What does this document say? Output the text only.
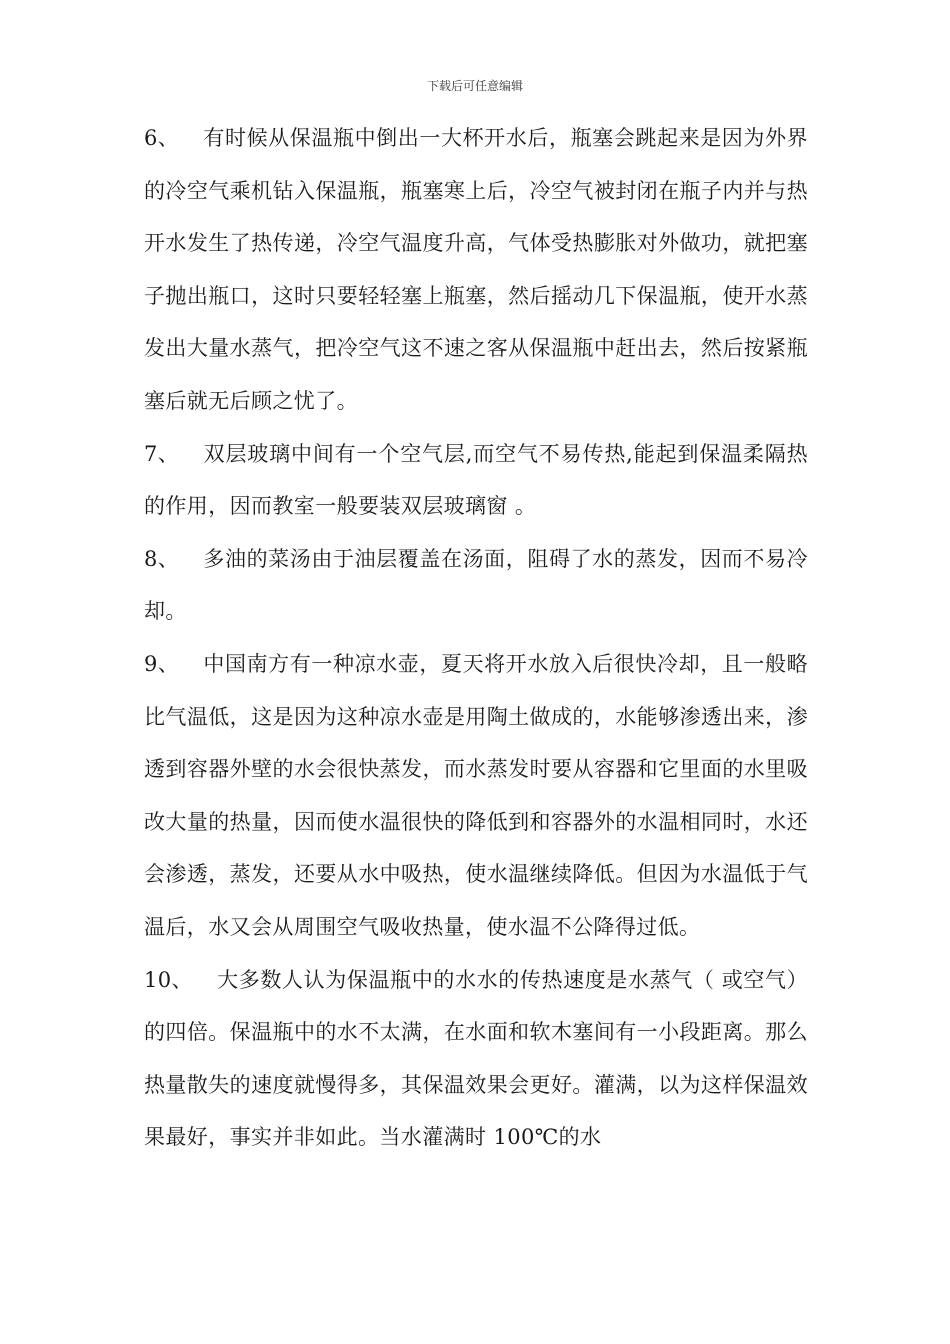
下载后可任意编辑

6、 有时候从保温瓶中倒出一大杯开水后，瓶塞会跳起来是因为外界的冷空气乘机钻入保温瓶，瓶塞寒上后，冷空气被封闭在瓶子内并与热开水发生了热传递，冷空气温度升高，气体受热膨胀对外做功，就把塞子抛出瓶口，这时只要轻轻塞上瓶塞，然后摇动几下保温瓶，使开水蒸发出大量水蒸气，把冷空气这不速之客从保温瓶中赶出去，然后按紧瓶塞后就无后顾之忧了。

7、 双层玻璃中间有一个空气层,而空气不易传热,能起到保温柔隔热的作用，因而教室一般要装双层玻璃窗 。

8、 多油的菜汤由于油层覆盖在汤面，阻碍了水的蒸发，因而不易冷却。

9、 中国南方有一种凉水壶，夏天将开水放入后很快冷却，且一般略比气温低，这是因为这种凉水壶是用陶土做成的，水能够渗透出来，渗透到容器外壁的水会很快蒸发，而水蒸发时要从容器和它里面的水里吸改大量的热量，因而使水温很快的降低到和容器外的水温相同时，水还会渗透，蒸发，还要从水中吸热，使水温继续降低。但因为水温低于气温后，水又会从周围空气吸收热量，使水温不公降得过低。

10、 大多数人认为保温瓶中的水水的传热速度是水蒸气（ 或空气）的四倍。保温瓶中的水不太满，在水面和软木塞间有一小段距离。那么热量散失的速度就慢得多，其保温效果会更好。灌满，以为这样保温效果最好，事实并非如此。当水灌满时 100℃的水
